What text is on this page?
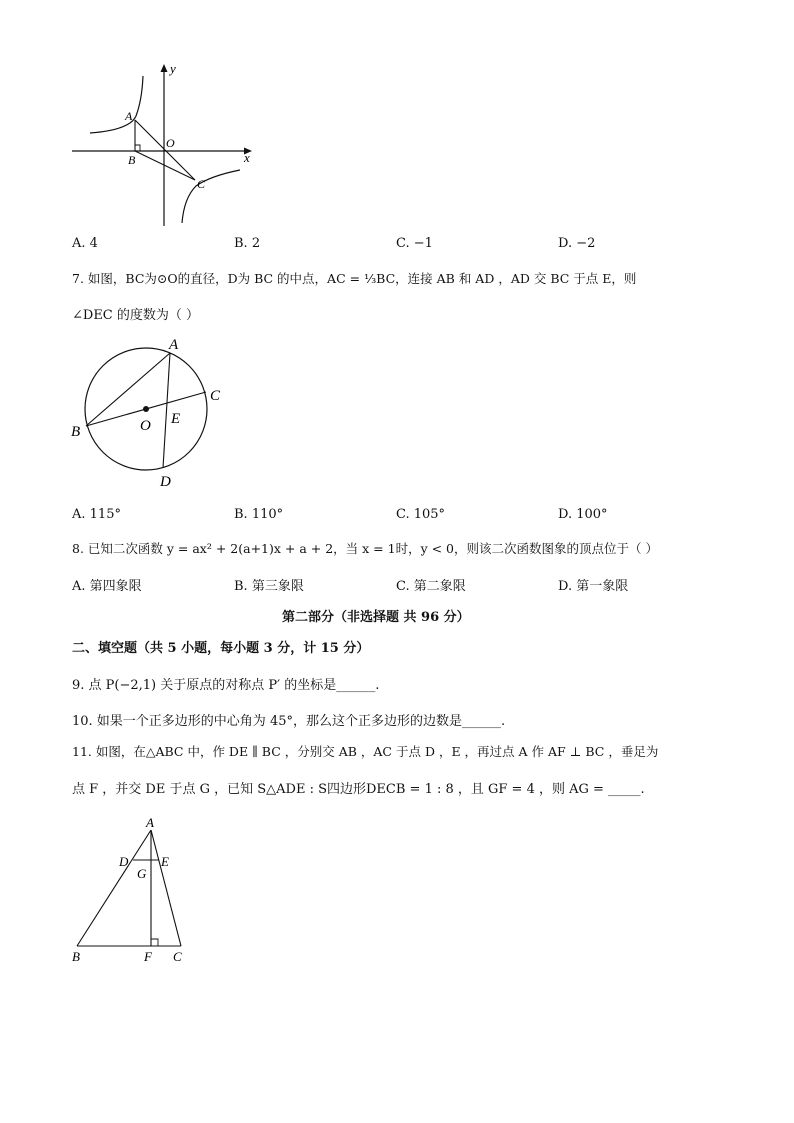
y
x
A
O
B
C
A. 4	B. 2	C. −1	D. −2
7. 如图，BC为⊙O的直径，D为 BC 的中点，AC = ⅓BC，连接 AB 和 AD ，AD 交 BC 于点 E，则
∠DEC 的度数为（ ）
A
B
C
O E
D
A. 115°	B. 110°	C. 105°	D. 100°
8. 已知二次函数 y = ax² + 2(a+1)x + a + 2，当 x = 1时，y < 0，则该二次函数图象的顶点位于（ ）
A. 第四象限	B. 第三象限	C. 第二象限	D. 第一象限
第二部分（非选择题 共 96 分）
二、填空题（共 5 小题，每小题 3 分，计 15 分）
9. 点 P(−2,1) 关于原点的对称点 P′ 的坐标是______.
10. 如果一个正多边形的中心角为 45°，那么这个正多边形的边数是______.
11. 如图，在△ABC 中，作 DE ∥ BC ，分别交 AB ，AC 于点 D ，E ，再过点 A 作 AF ⊥ BC ，垂足为
点 F ，并交 DE 于点 G ，已知 S△ADE : S四边形DECB = 1 : 8 ，且 GF = 4 ，则 AG = _____.
A
D	E
G
B	F C
